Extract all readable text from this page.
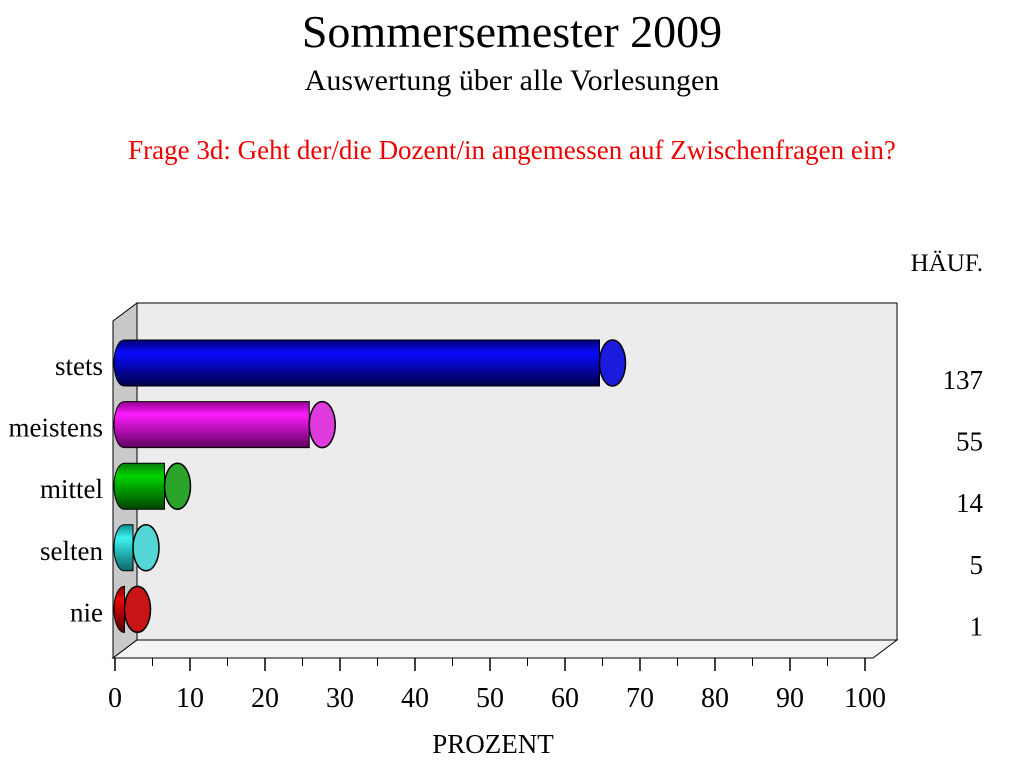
Sommersemester 2009
Auswertung über alle Vorlesungen
Frage 3d: Geht der/die Dozent/in angemessen auf Zwischenfragen ein?
stets
meistens
mittel
selten
nie
0 10 20 30 40 50 60 70 80 90 100
137
55
14
5
1
HÄUF.
PROZENT
